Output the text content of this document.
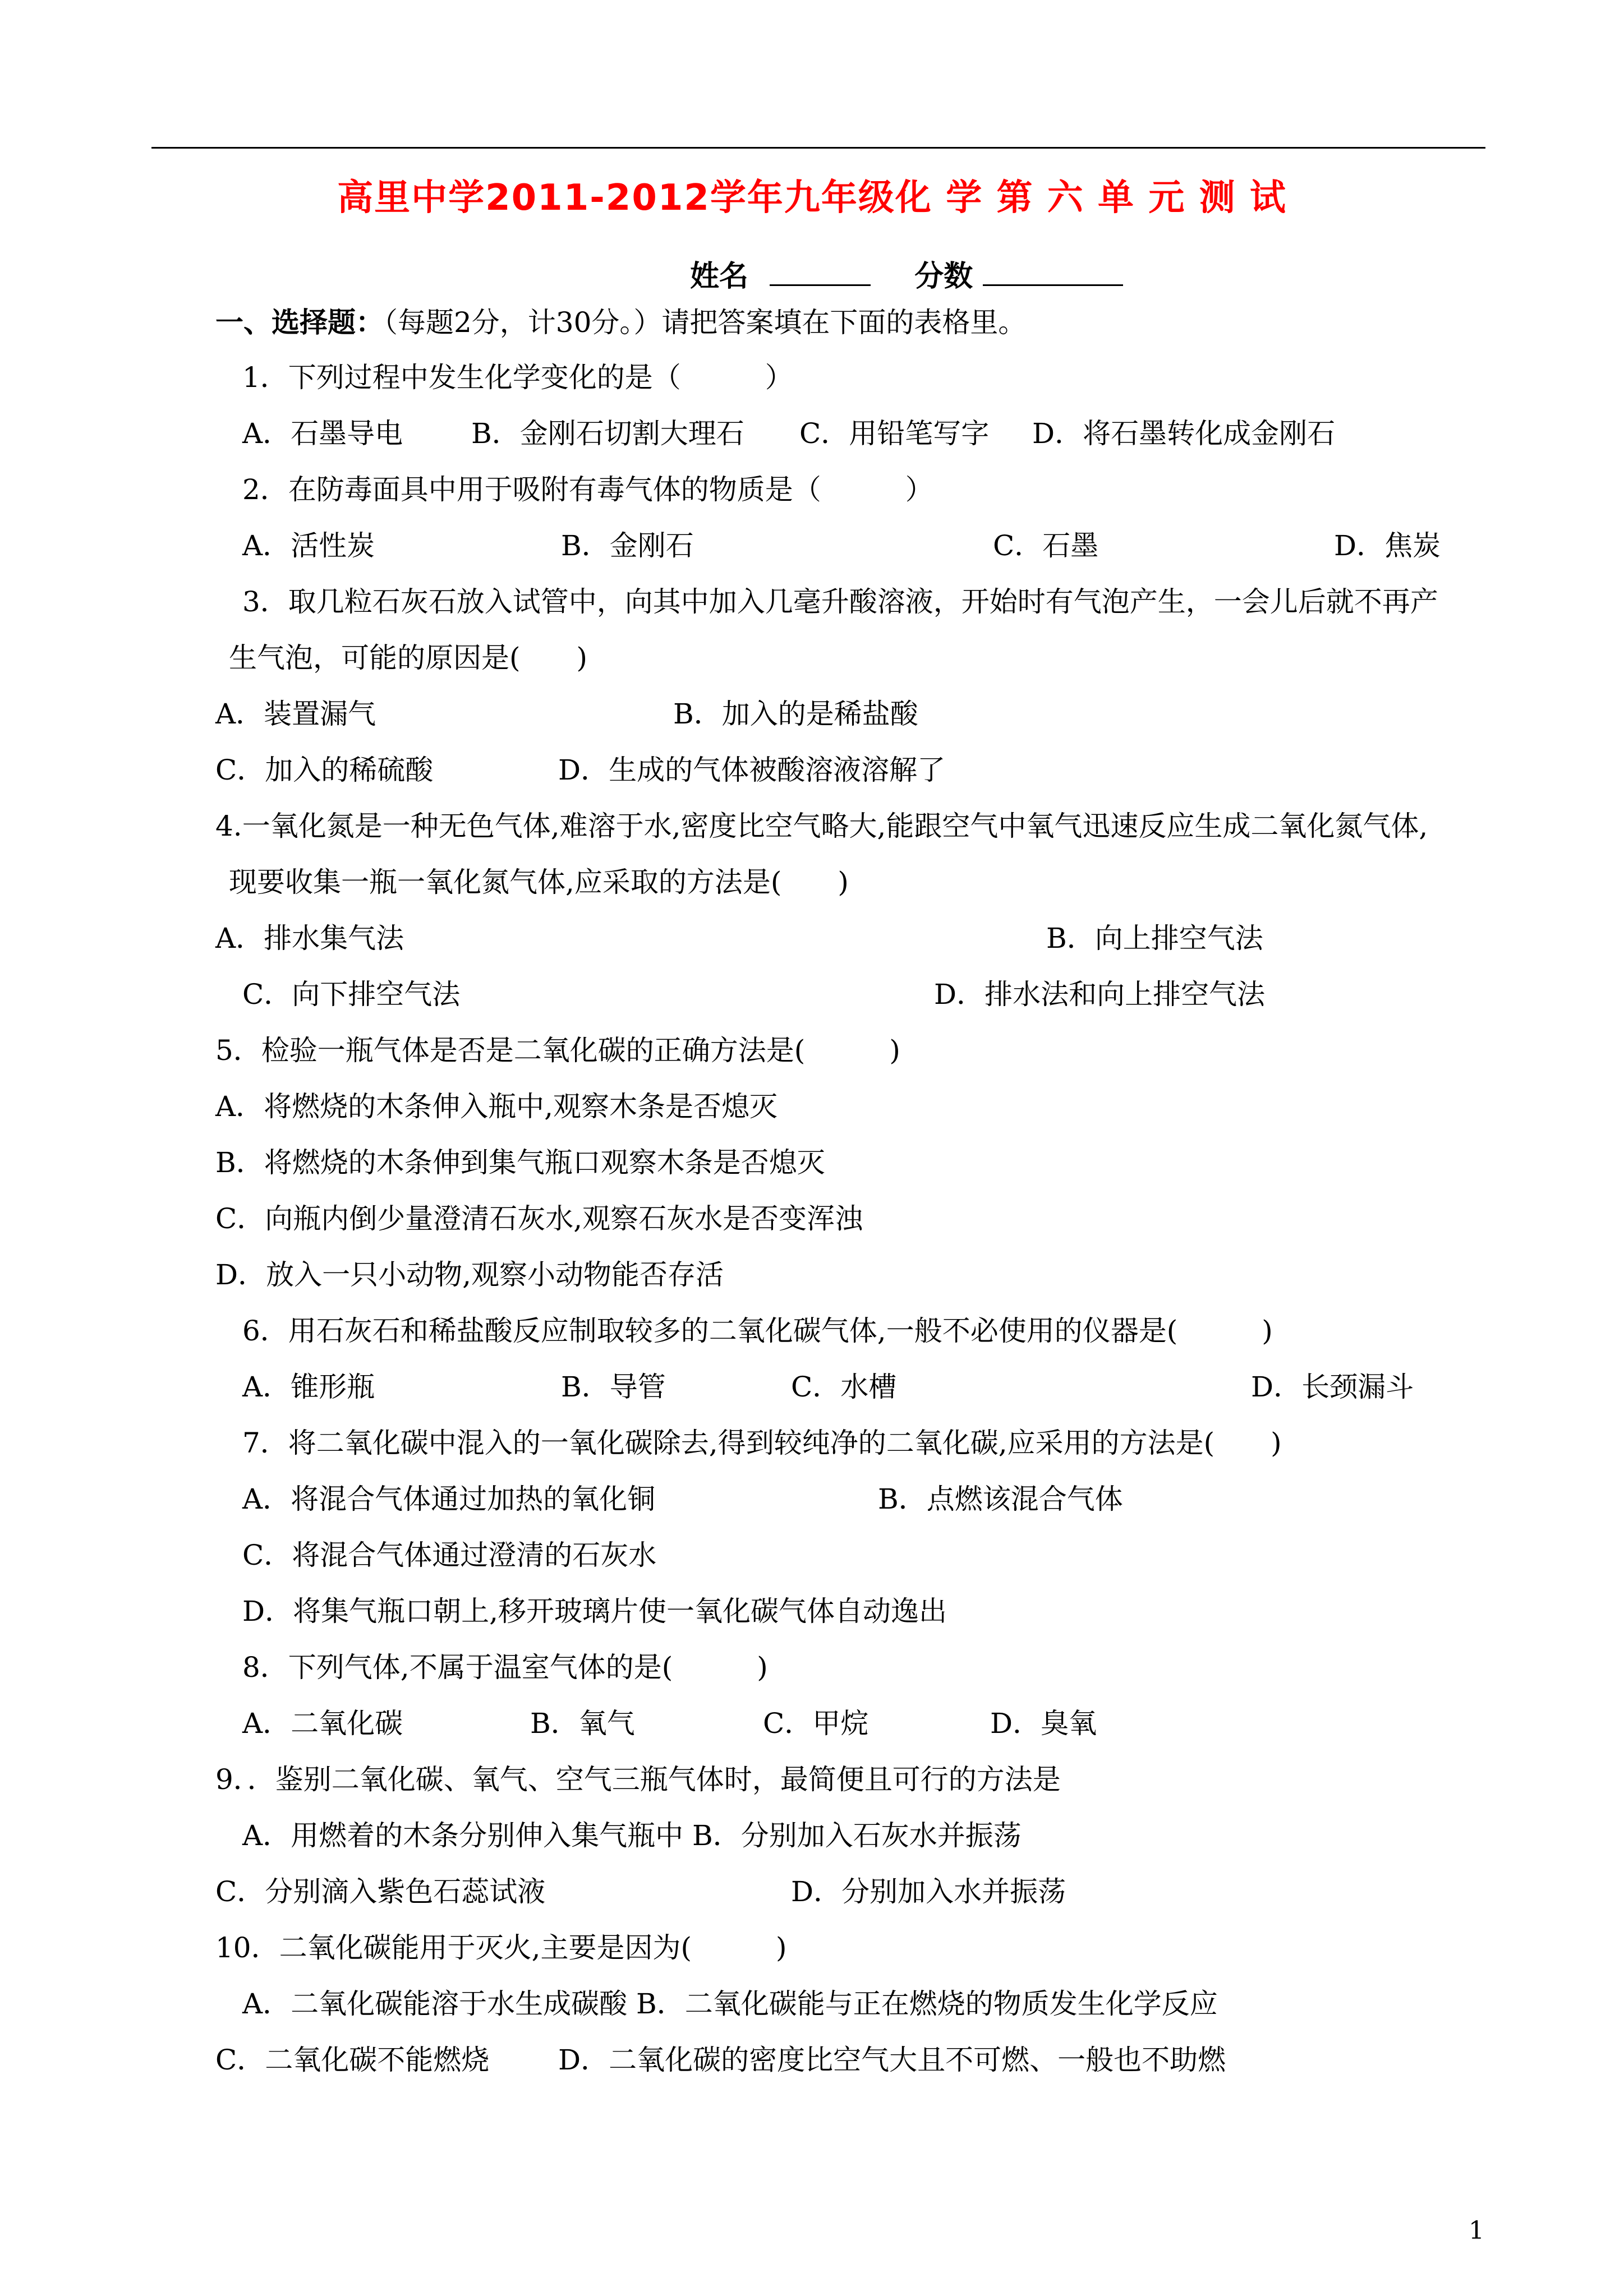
高里中学2011-2012学年九年级化 学 第 六 单 元 测 试
姓名	分数
一、选择题：（每题2分，计30分。）请把答案填在下面的表格里。
1．下列过程中发生化学变化的是（　　　）
A．石墨导电 B．金刚石切割大理石 C．用铅笔写字 D．将石墨转化成金刚石
2．在防毒面具中用于吸附有毒气体的物质是（　　　）
A．活性炭	B．金刚石	C．石墨	D．焦炭
3．取几粒石灰石放入试管中，向其中加入几毫升酸溶液，开始时有气泡产生，一会儿后就不再产
生气泡，可能的原因是(　　)
A．装置漏气	B．加入的是稀盐酸
C．加入的稀硫酸	D．生成的气体被酸溶液溶解了
4.一氧化氮是一种无色气体,难溶于水,密度比空气略大,能跟空气中氧气迅速反应生成二氧化氮气体,
现要收集一瓶一氧化氮气体,应采取的方法是(　　)
A．排水集气法	B．向上排空气法
C．向下排空气法	D．排水法和向上排空气法
5．检验一瓶气体是否是二氧化碳的正确方法是(　　　)
A．将燃烧的木条伸入瓶中,观察木条是否熄灭
B．将燃烧的木条伸到集气瓶口观察木条是否熄灭
C．向瓶内倒少量澄清石灰水,观察石灰水是否变浑浊
D．放入一只小动物,观察小动物能否存活
6．用石灰石和稀盐酸反应制取较多的二氧化碳气体,一般不必使用的仪器是(　　　)
A．锥形瓶	B．导管	C．水槽	D．长颈漏斗
7．将二氧化碳中混入的一氧化碳除去,得到较纯净的二氧化碳,应采用的方法是(　　)
A．将混合气体通过加热的氧化铜	B．点燃该混合气体
C．将混合气体通过澄清的石灰水
D．将集气瓶口朝上,移开玻璃片使一氧化碳气体自动逸出
8．下列气体,不属于温室气体的是(　　　)
A．二氧化碳	B．氧气	C．甲烷	D．臭氧
9．．鉴别二氧化碳、氧气、空气三瓶气体时，最简便且可行的方法是
A．用燃着的木条分别伸入集气瓶中 B．分别加入石灰水并振荡
C．分别滴入紫色石蕊试液	D．分别加入水并振荡
10．二氧化碳能用于灭火,主要是因为(　　　)
A．二氧化碳能溶于水生成碳酸 B．二氧化碳能与正在燃烧的物质发生化学反应
C．二氧化碳不能燃烧 D．二氧化碳的密度比空气大且不可燃、一般也不助燃
1
